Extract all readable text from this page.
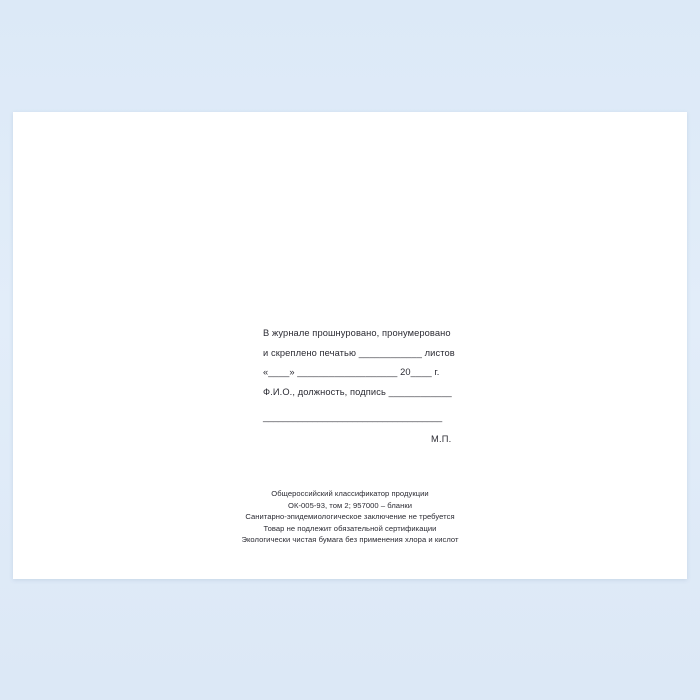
В журнале прошнуровано, пронумеровано
и скреплено печатью ____________ листов
«____» ___________________ 20____ г.
Ф.И.О., должность, подпись ____________
____________________________________
М.П.
Общероссийский классификатор продукции
ОК-005-93, том 2; 957000 – бланки
Санитарно-эпидемиологическое заключение не требуется
Товар не подлежит обязательной сертификации
Экологически чистая бумага без применения хлора и кислот
